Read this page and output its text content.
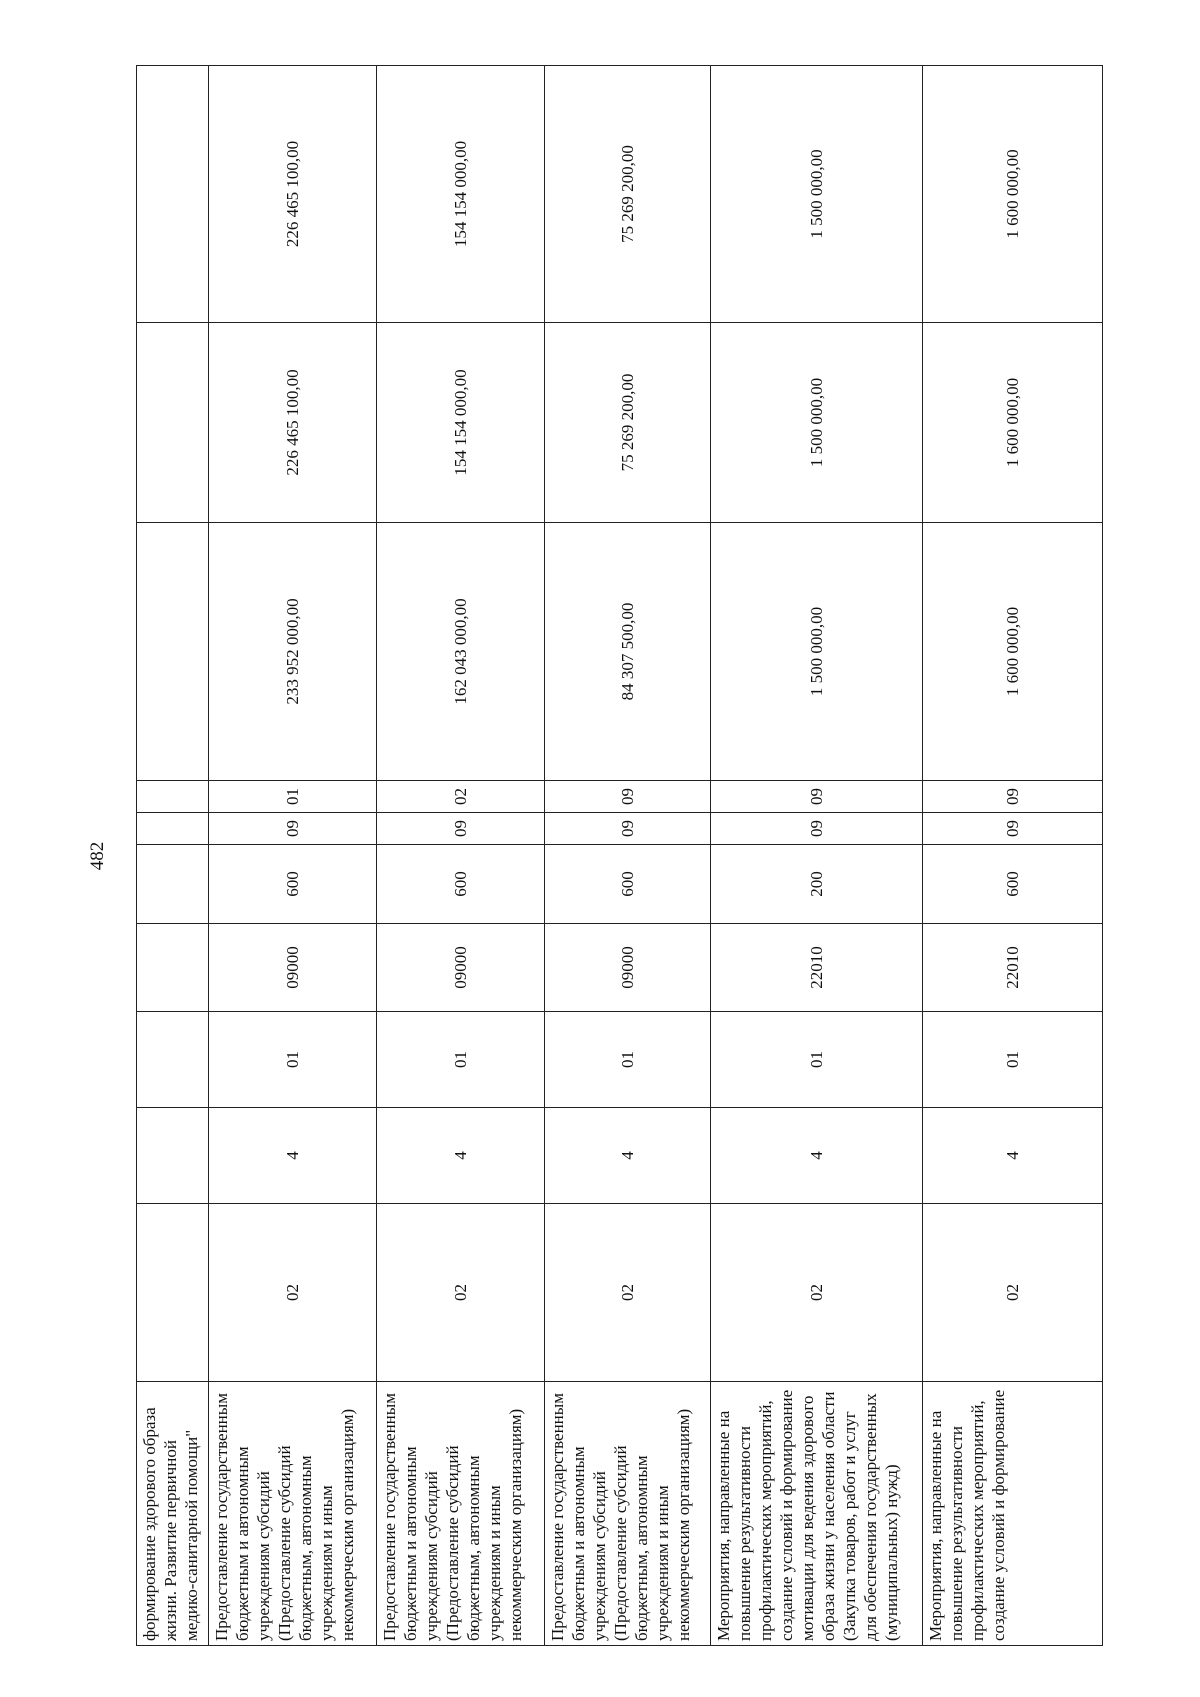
482
формирование здорового образа жизни. Развитие первичной медико-санитарной помощи"										
Предоставление государственным бюджетным и автономным учреждениям субсидий (Предоставление субсидий бюджетным, автономным учреждениям и иным некоммерческим организациям)	02	4	01	09000	600	09	01	233 952 000,00	226 465 100,00	226 465 100,00
Предоставление государственным бюджетным и автономным учреждениям субсидий (Предоставление субсидий бюджетным, автономным учреждениям и иным некоммерческим организациям)	02	4	01	09000	600	09	02	162 043 000,00	154 154 000,00	154 154 000,00
Предоставление государственным бюджетным и автономным учреждениям субсидий (Предоставление субсидий бюджетным, автономным учреждениям и иным некоммерческим организациям)	02	4	01	09000	600	09	09	84 307 500,00	75 269 200,00	75 269 200,00
Мероприятия, направленные на повышение результативности профилактических мероприятий, создание условий и формирование мотивации для ведения здорового образа жизни у населения области (Закупка товаров, работ и услуг для обеспечения государственных (муниципальных) нужд)	02	4	01	22010	200	09	09	1 500 000,00	1 500 000,00	1 500 000,00
Мероприятия, направленные на повышение результативности профилактических мероприятий, создание условий и формирование	02	4	01	22010	600	09	09	1 600 000,00	1 600 000,00	1 600 000,00
